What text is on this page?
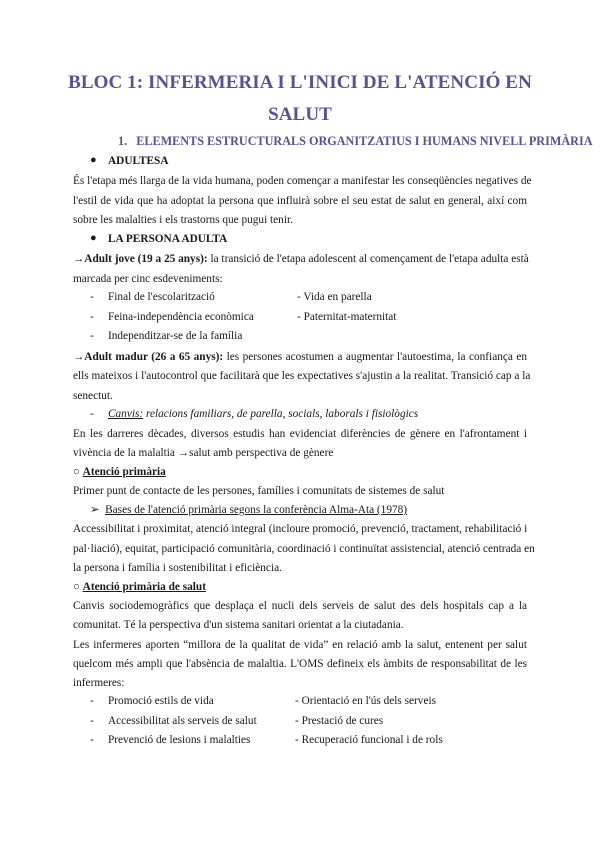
BLOC 1: INFERMERIA I L'INICI DE L'ATENCIÓ EN
SALUT
1. ELEMENTS ESTRUCTURALS ORGANITZATIUS I HUMANS NIVELL PRIMÀRIA
● ADULTESA
És l'etapa més llarga de la vida humana, poden començar a manifestar les conseqüències negatives de
l'estil de vida que ha adoptat la persona que influirà sobre el seu estat de salut en general, així com
sobre les malalties i els trastorns que pugui tenir.
● LA PERSONA ADULTA
→Adult jove (19 a 25 anys): la transició de l'etapa adolescent al començament de l'etapa adulta està
marcada per cinc esdeveniments:
- Final de l'escolarització	- Vida en parella
- Feina-independència econòmica	- Paternitat-maternitat
- Independitzar-se de la família
→Adult madur (26 a 65 anys): les persones acostumen a augmentar l'autoestima, la confiança en
ells mateixos i l'autocontrol que facilitarà que les expectatives s'ajustin a la realitat. Transició cap a la
senectut.
- Canvis: relacions familiars, de parella, socials, laborals i fisiològics
En les darreres dècades, diversos estudis han evidenciat diferències de gènere en l'afrontament i
vivència de la malaltia →salut amb perspectiva de gènere
○ Atenció primària
Primer punt de contacte de les persones, famílies i comunitats de sistemes de salut
➢ Bases de l'atenció primària segons la conferència Alma-Ata (1978)
Accessibilitat i proximitat, atenció integral (incloure promoció, prevenció, tractament, rehabilitació i
pal·liació), equitat, participació comunitària, coordinació i continuïtat assistencial, atenció centrada en
la persona i família i sostenibilitat i eficiència.
○ Atenció primària de salut
Canvis sociodemogràfics que desplaça el nucli dels serveis de salut des dels hospitals cap a la
comunitat. Té la perspectiva d'un sistema sanitari orientat a la ciutadania.
Les infermeres aporten “millora de la qualitat de vida” en relació amb la salut, entenent per salut
quelcom més ampli que l'absència de malaltia. L'OMS defineix els àmbits de responsabilitat de les
infermeres:
- Promoció estils de vida	- Orientació en l'ús dels serveis
- Accessibilitat als serveis de salut	- Prestació de cures
- Prevenció de lesions i malalties	- Recuperació funcional i de rols
